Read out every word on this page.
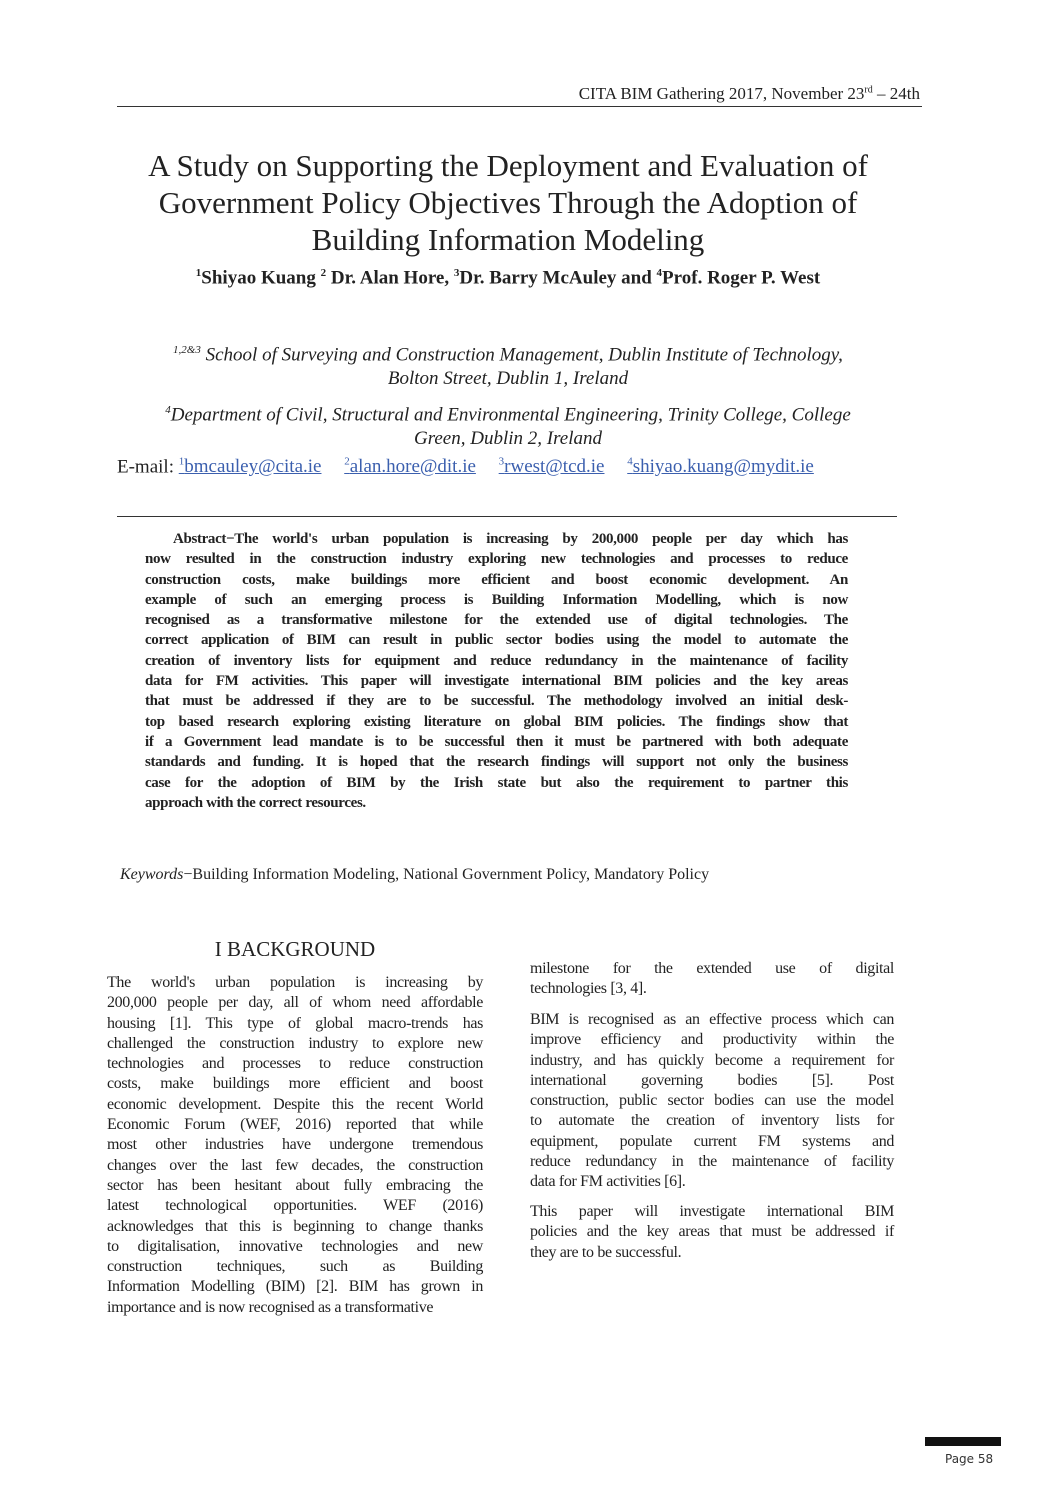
CITA BIM Gathering 2017, November 23rd – 24th
A Study on Supporting the Deployment and Evaluation of
Government Policy Objectives Through the Adoption of
Building Information Modeling
$^1$Shiyao Kuang $^2$ Dr. Alan Hore, $^3$Dr. Barry McAuley and $^4$Prof. Roger P. West
$^{1,2\&3}$ School of Surveying and Construction Management, Dublin Institute of Technology,
Bolton Street, Dublin 1, Ireland
$^4$Department of Civil, Structural and Environmental Engineering, Trinity College, College
Green, Dublin 2, Ireland
E-mail: $^1$bmcauley@cita.ie $^2$alan.hore@dit.ie $^3$rwest@tcd.ie $^4$shiyao.kuang@mydit.ie
Abstract−The world's urban population is increasing by 200,000 people per day which has
now resulted in the construction industry exploring new technologies and processes to reduce
construction costs, make buildings more efficient and boost economic development. An
example of such an emerging process is Building Information Modelling, which is now
recognised as a transformative milestone for the extended use of digital technologies. The
correct application of BIM can result in public sector bodies using the model to automate the
creation of inventory lists for equipment and reduce redundancy in the maintenance of facility
data for FM activities. This paper will investigate international BIM policies and the key areas
that must be addressed if they are to be successful. The methodology involved an initial desk-
top based research exploring existing literature on global BIM policies. The findings show that
if a Government lead mandate is to be successful then it must be partnered with both adequate
standards and funding. It is hoped that the research findings will support not only the business
case for the adoption of BIM by the Irish state but also the requirement to partner this
approach with the correct resources.
Keywords−Building Information Modeling, National Government Policy, Mandatory Policy
I BACKGROUND
The world's urban population is increasing by
200,000 people per day, all of whom need affordable
housing [1]. This type of global macro-trends has
challenged the construction industry to explore new
technologies and processes to reduce construction
costs, make buildings more efficient and boost
economic development. Despite this the recent World
Economic Forum (WEF, 2016) reported that while
most other industries have undergone tremendous
changes over the last few decades, the construction
sector has been hesitant about fully embracing the
latest technological opportunities. WEF (2016)
acknowledges that this is beginning to change thanks
to digitalisation, innovative technologies and new
construction techniques, such as Building
Information Modelling (BIM) [2]. BIM has grown in
importance and is now recognised as a transformative
milestone for the extended use of digital
technologies [3, 4].
BIM is recognised as an effective process which can
improve efficiency and productivity within the
industry, and has quickly become a requirement for
international governing bodies [5]. Post
construction, public sector bodies can use the model
to automate the creation of inventory lists for
equipment, populate current FM systems and
reduce redundancy in the maintenance of facility
data for FM activities [6].
This paper will investigate international BIM
policies and the key areas that must be addressed if
they are to be successful.
Page 58
